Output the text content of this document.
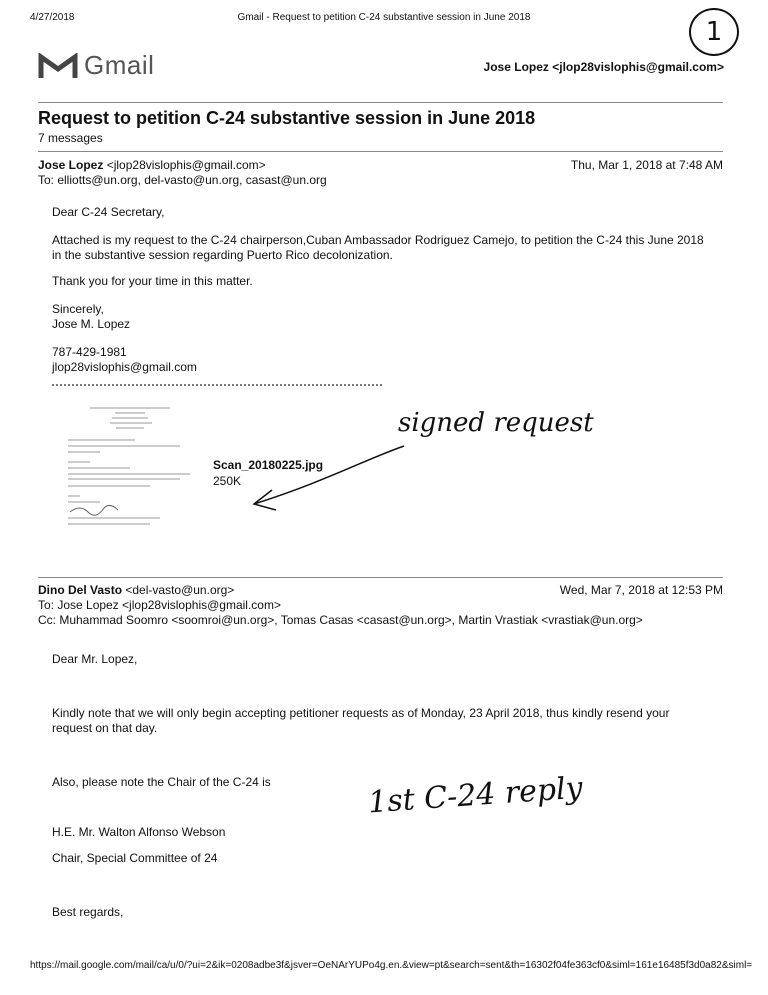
4/27/2018	Gmail - Request to petition C-24 substantive session in June 2018	1
Gmail	Jose Lopez <jlop28vislophis@gmail.com>
Request to petition C-24 substantive session in June 2018
7 messages
Jose Lopez <jlop28vislophis@gmail.com>	Thu, Mar 1, 2018 at 7:48 AM
To: elliotts@un.org, del-vasto@un.org, casast@un.org
Dear C-24 Secretary,
Attached is my request to the C-24 chairperson,Cuban Ambassador Rodriguez Camejo, to petition the C-24 this June 2018 in the substantive session regarding Puerto Rico decolonization.
Thank you for your time in this matter.
Sincerely,
Jose M. Lopez
787-429-1981
jlop28vislophis@gmail.com
Scan_20180225.jpg
250K
signed request
Dino Del Vasto <del-vasto@un.org>	Wed, Mar 7, 2018 at 12:53 PM
To: Jose Lopez <jlop28vislophis@gmail.com>
Cc: Muhammad Soomro <soomroi@un.org>, Tomas Casas <casast@un.org>, Martin Vrastiak <vrastiak@un.org>
Dear Mr. Lopez,
Kindly note that we will only begin accepting petitioner requests as of Monday, 23 April 2018, thus kindly resend your request on that day.
Also, please note the Chair of the C-24 is
H.E. Mr. Walton Alfonso Webson
Chair, Special Committee of 24
Best regards,
1st C-24 reply
https://mail.google.com/mail/ca/u/0/?ui=2&ik=0208adbe3f&jsver=OeNArYUPo4g.en.&view=pt&search=sent&th=16302f04fe363cf0&siml=161e16485f3d0a82&siml=
